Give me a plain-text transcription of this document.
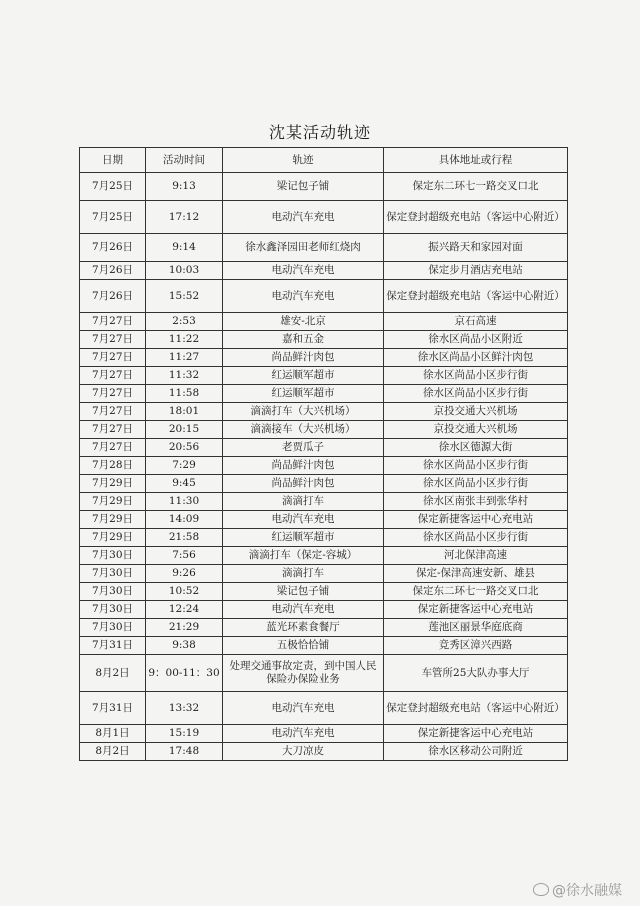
沈某活动轨迹
日期	活动时间	轨迹	具体地址或行程
7月25日	9:13	梁记包子铺	保定东二环七一路交叉口北
7月25日	17:12	电动汽车充电	保定登封超级充电站（客运中心附近）
7月26日	9:14	徐水鑫泽园田老师红烧肉	振兴路天和家园对面
7月26日	10:03	电动汽车充电	保定步月酒店充电站
7月26日	15:52	电动汽车充电	保定登封超级充电站（客运中心附近）
7月27日	2:53	雄安-北京	京石高速
7月27日	11:22	嘉和五金	徐水区尚品小区附近
7月27日	11:27	尚品鲜汁肉包	徐水区尚品小区鲜汁肉包
7月27日	11:32	红运顺军超市	徐水区尚品小区步行街
7月27日	11:58	红运顺军超市	徐水区尚品小区步行街
7月27日	18:01	滴滴打车（大兴机场）	京投交通大兴机场
7月27日	20:15	滴滴接车（大兴机场）	京投交通大兴机场
7月27日	20:56	老贾瓜子	徐水区德源大街
7月28日	7:29	尚品鲜汁肉包	徐水区尚品小区步行街
7月29日	9:45	尚品鲜汁肉包	徐水区尚品小区步行街
7月29日	11:30	滴滴打车	徐水区南张丰到张华村
7月29日	14:09	电动汽车充电	保定新捷客运中心充电站
7月29日	21:58	红运顺军超市	徐水区尚品小区步行街
7月30日	7:56	滴滴打车（保定-容城）	河北保津高速
7月30日	9:26	滴滴打车	保定-保津高速安新、雄县
7月30日	10:52	梁记包子铺	保定东二环七一路交叉口北
7月30日	12:24	电动汽车充电	保定新捷客运中心充电站
7月30日	21:29	蓝光环素食餐厅	莲池区丽景华庭底商
7月31日	9:38	五极恰恰铺	竞秀区漳兴西路
8月2日	9：00-11：30	处理交通事故定责，到中国人民保险办保险业务	车管所25大队办事大厅
7月31日	13:32	电动汽车充电	保定登封超级充电站（客运中心附近）
8月1日	15:19	电动汽车充电	保定新捷客运中心充电站
8月2日	17:48	大刀凉皮	徐水区移动公司附近
@徐水融媒
